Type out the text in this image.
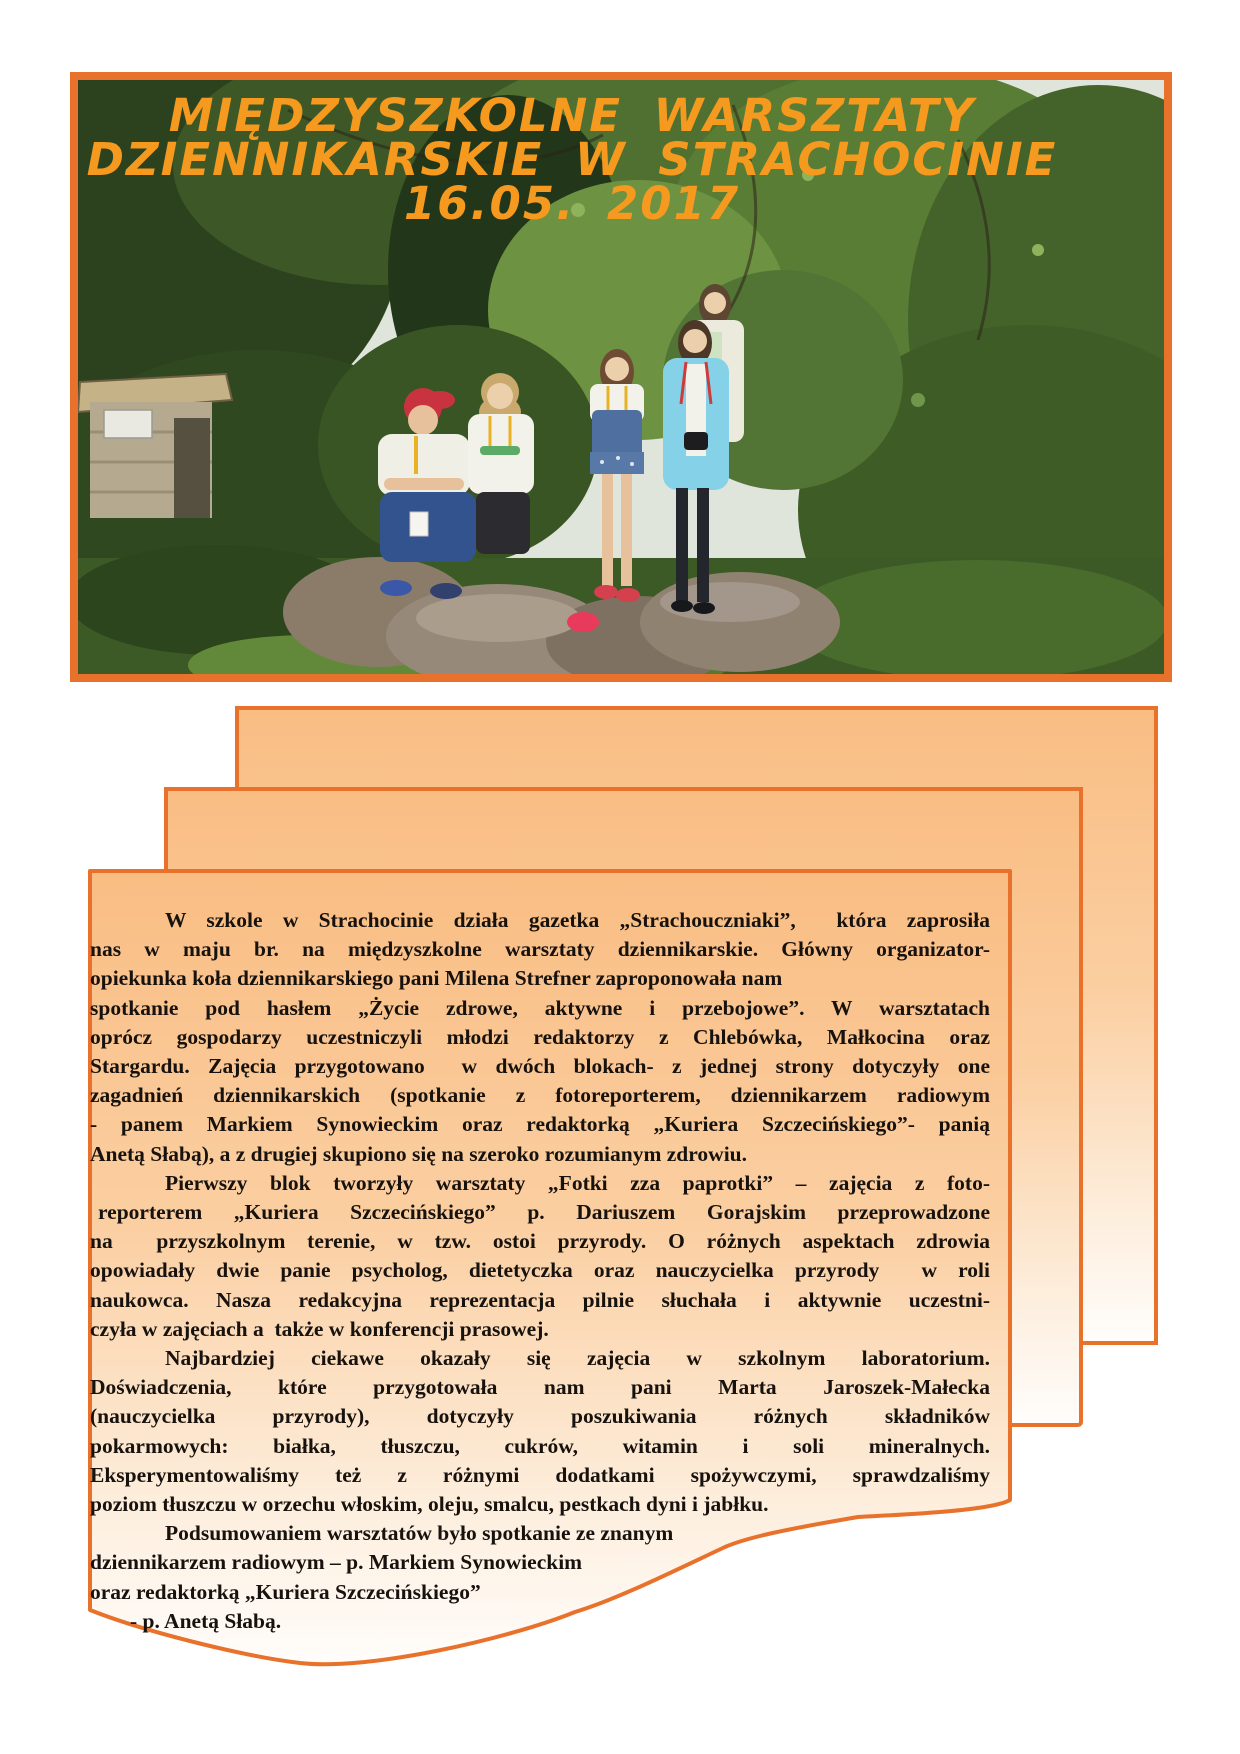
MIĘDZYSZKOLNE WARSZTATY
DZIENNIKARSKIE W STRACHOCINIE
16.05. 2017
W szkole w Strachocinie działa gazetka „Strachouczniaki”,  która zaprosiła
nas w maju br. na międzyszkolne warsztaty dziennikarskie. Główny organizator-
opiekunka koła dziennikarskiego pani Milena Strefner zaproponowała nam
spotkanie pod hasłem „Życie zdrowe, aktywne i przebojowe”. W warsztatach
oprócz gospodarzy uczestniczyli młodzi redaktorzy z Chlebówka, Małkocina oraz
Stargardu. Zajęcia przygotowano  w dwóch blokach- z jednej strony dotyczyły one
zagadnień dziennikarskich (spotkanie z fotoreporterem, dziennikarzem radiowym
- panem Markiem Synowieckim oraz redaktorką „Kuriera Szczecińskiego”- panią
Anetą Słabą), a z drugiej skupiono się na szeroko rozumianym zdrowiu.
Pierwszy blok tworzyły warsztaty „Fotki zza paprotki” – zajęcia z foto-
reporterem „Kuriera Szczecińskiego” p. Dariuszem Gorajskim przeprowadzone
na  przyszkolnym terenie, w tzw. ostoi przyrody. O różnych aspektach zdrowia
opowiadały dwie panie psycholog, dietetyczka oraz nauczycielka przyrody  w roli
naukowca. Nasza redakcyjna reprezentacja pilnie słuchała i aktywnie uczestni-
czyła w zajęciach a  także w konferencji prasowej.
Najbardziej ciekawe okazały się zajęcia w szkolnym laboratorium.
Doświadczenia, które przygotowała nam pani Marta Jaroszek-Małecka
(nauczycielka przyrody), dotyczyły poszukiwania różnych składników
pokarmowych: białka, tłuszczu, cukrów, witamin i soli mineralnych.
Eksperymentowaliśmy też z różnymi dodatkami spożywczymi, sprawdzaliśmy
poziom tłuszczu w orzechu włoskim, oleju, smalcu, pestkach dyni i jabłku.
Podsumowaniem warsztatów było spotkanie ze znanym
dziennikarzem radiowym – p. Markiem Synowieckim
oraz redaktorką „Kuriera Szczecińskiego”
- p. Anetą Słabą.
